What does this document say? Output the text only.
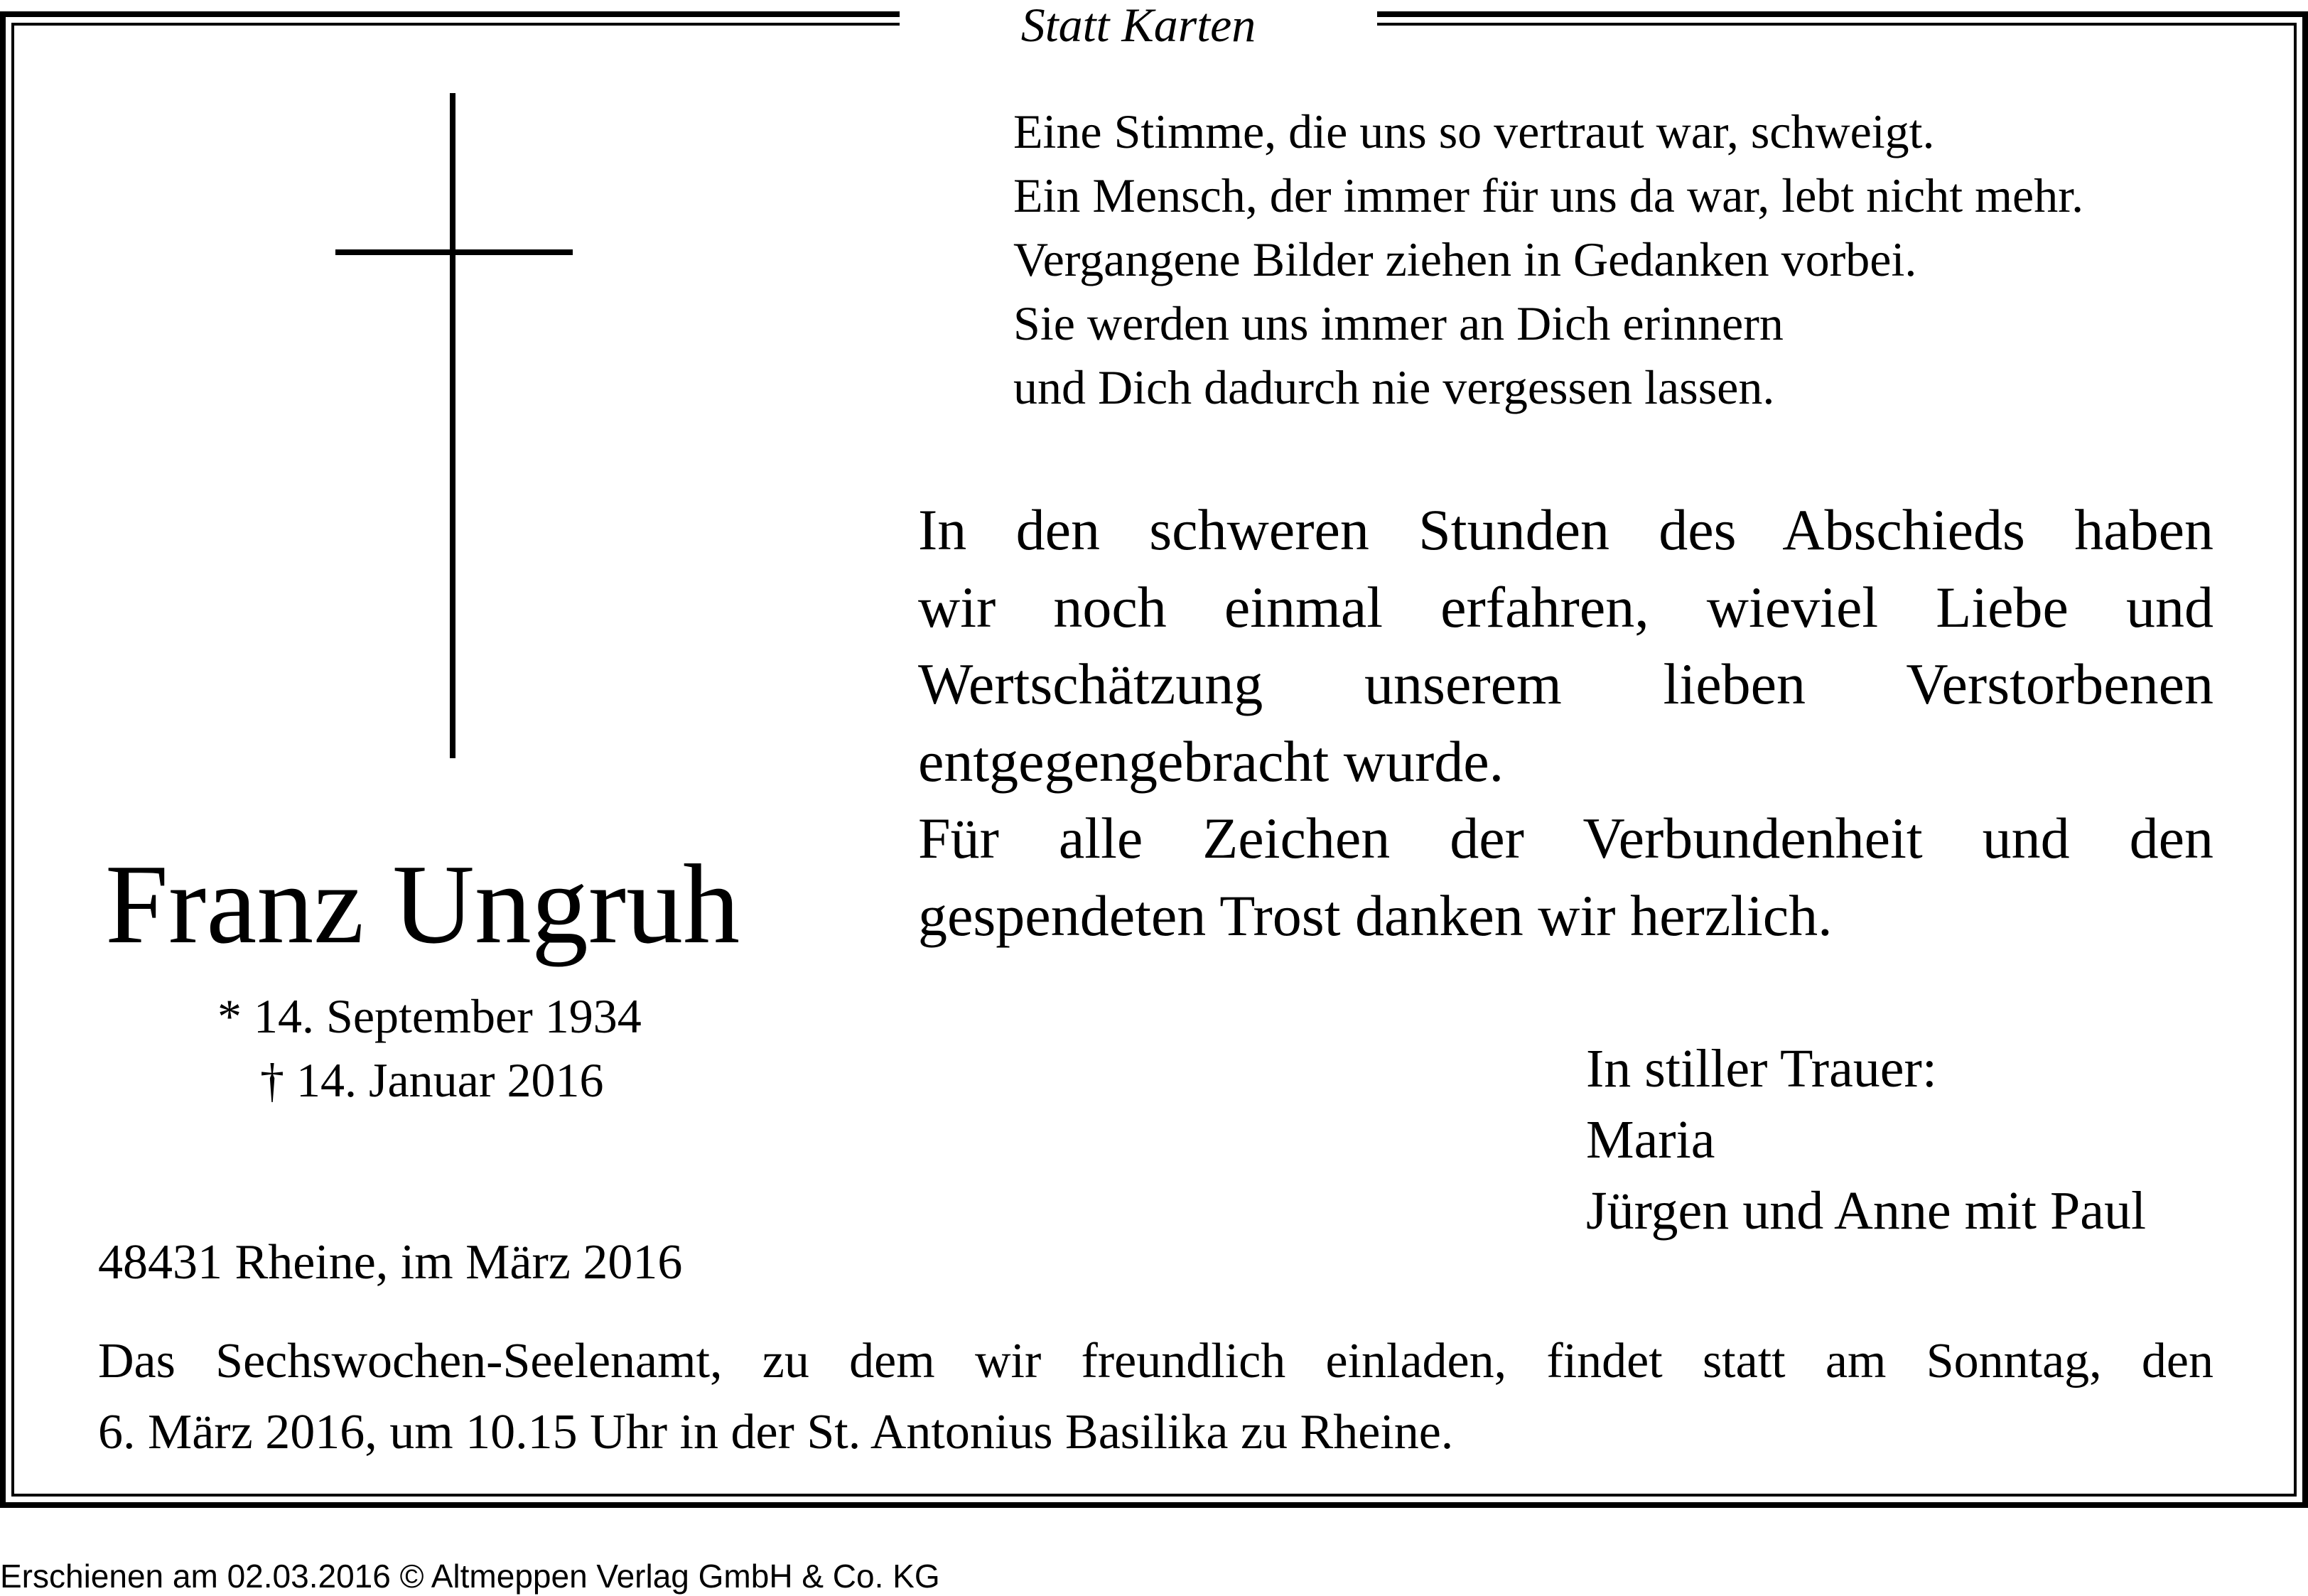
Statt Karten
Eine Stimme, die uns so vertraut war, schweigt.
Ein Mensch, der immer für uns da war, lebt nicht mehr.
Vergangene Bilder ziehen in Gedanken vorbei.
Sie werden uns immer an Dich erinnern
und Dich dadurch nie vergessen lassen.
In den schweren Stunden des Abschieds haben
wir noch einmal erfahren, wieviel Liebe und
Wertschätzung unserem lieben Verstorbenen
entgegengebracht wurde.
Für alle Zeichen der Verbundenheit und den
gespendeten Trost danken wir herzlich.
Franz Ungruh
* 14. September 1934
† 14. Januar 2016	In stiller Trauer:
Maria
Jürgen und Anne mit Paul
48431 Rheine, im März 2016
Das Sechswochen-Seelenamt, zu dem wir freundlich einladen, findet statt am Sonntag, den
6. März 2016, um 10.15 Uhr in der St. Antonius Basilika zu Rheine.
Erschienen am 02.03.2016 © Altmeppen Verlag GmbH & Co. KG
